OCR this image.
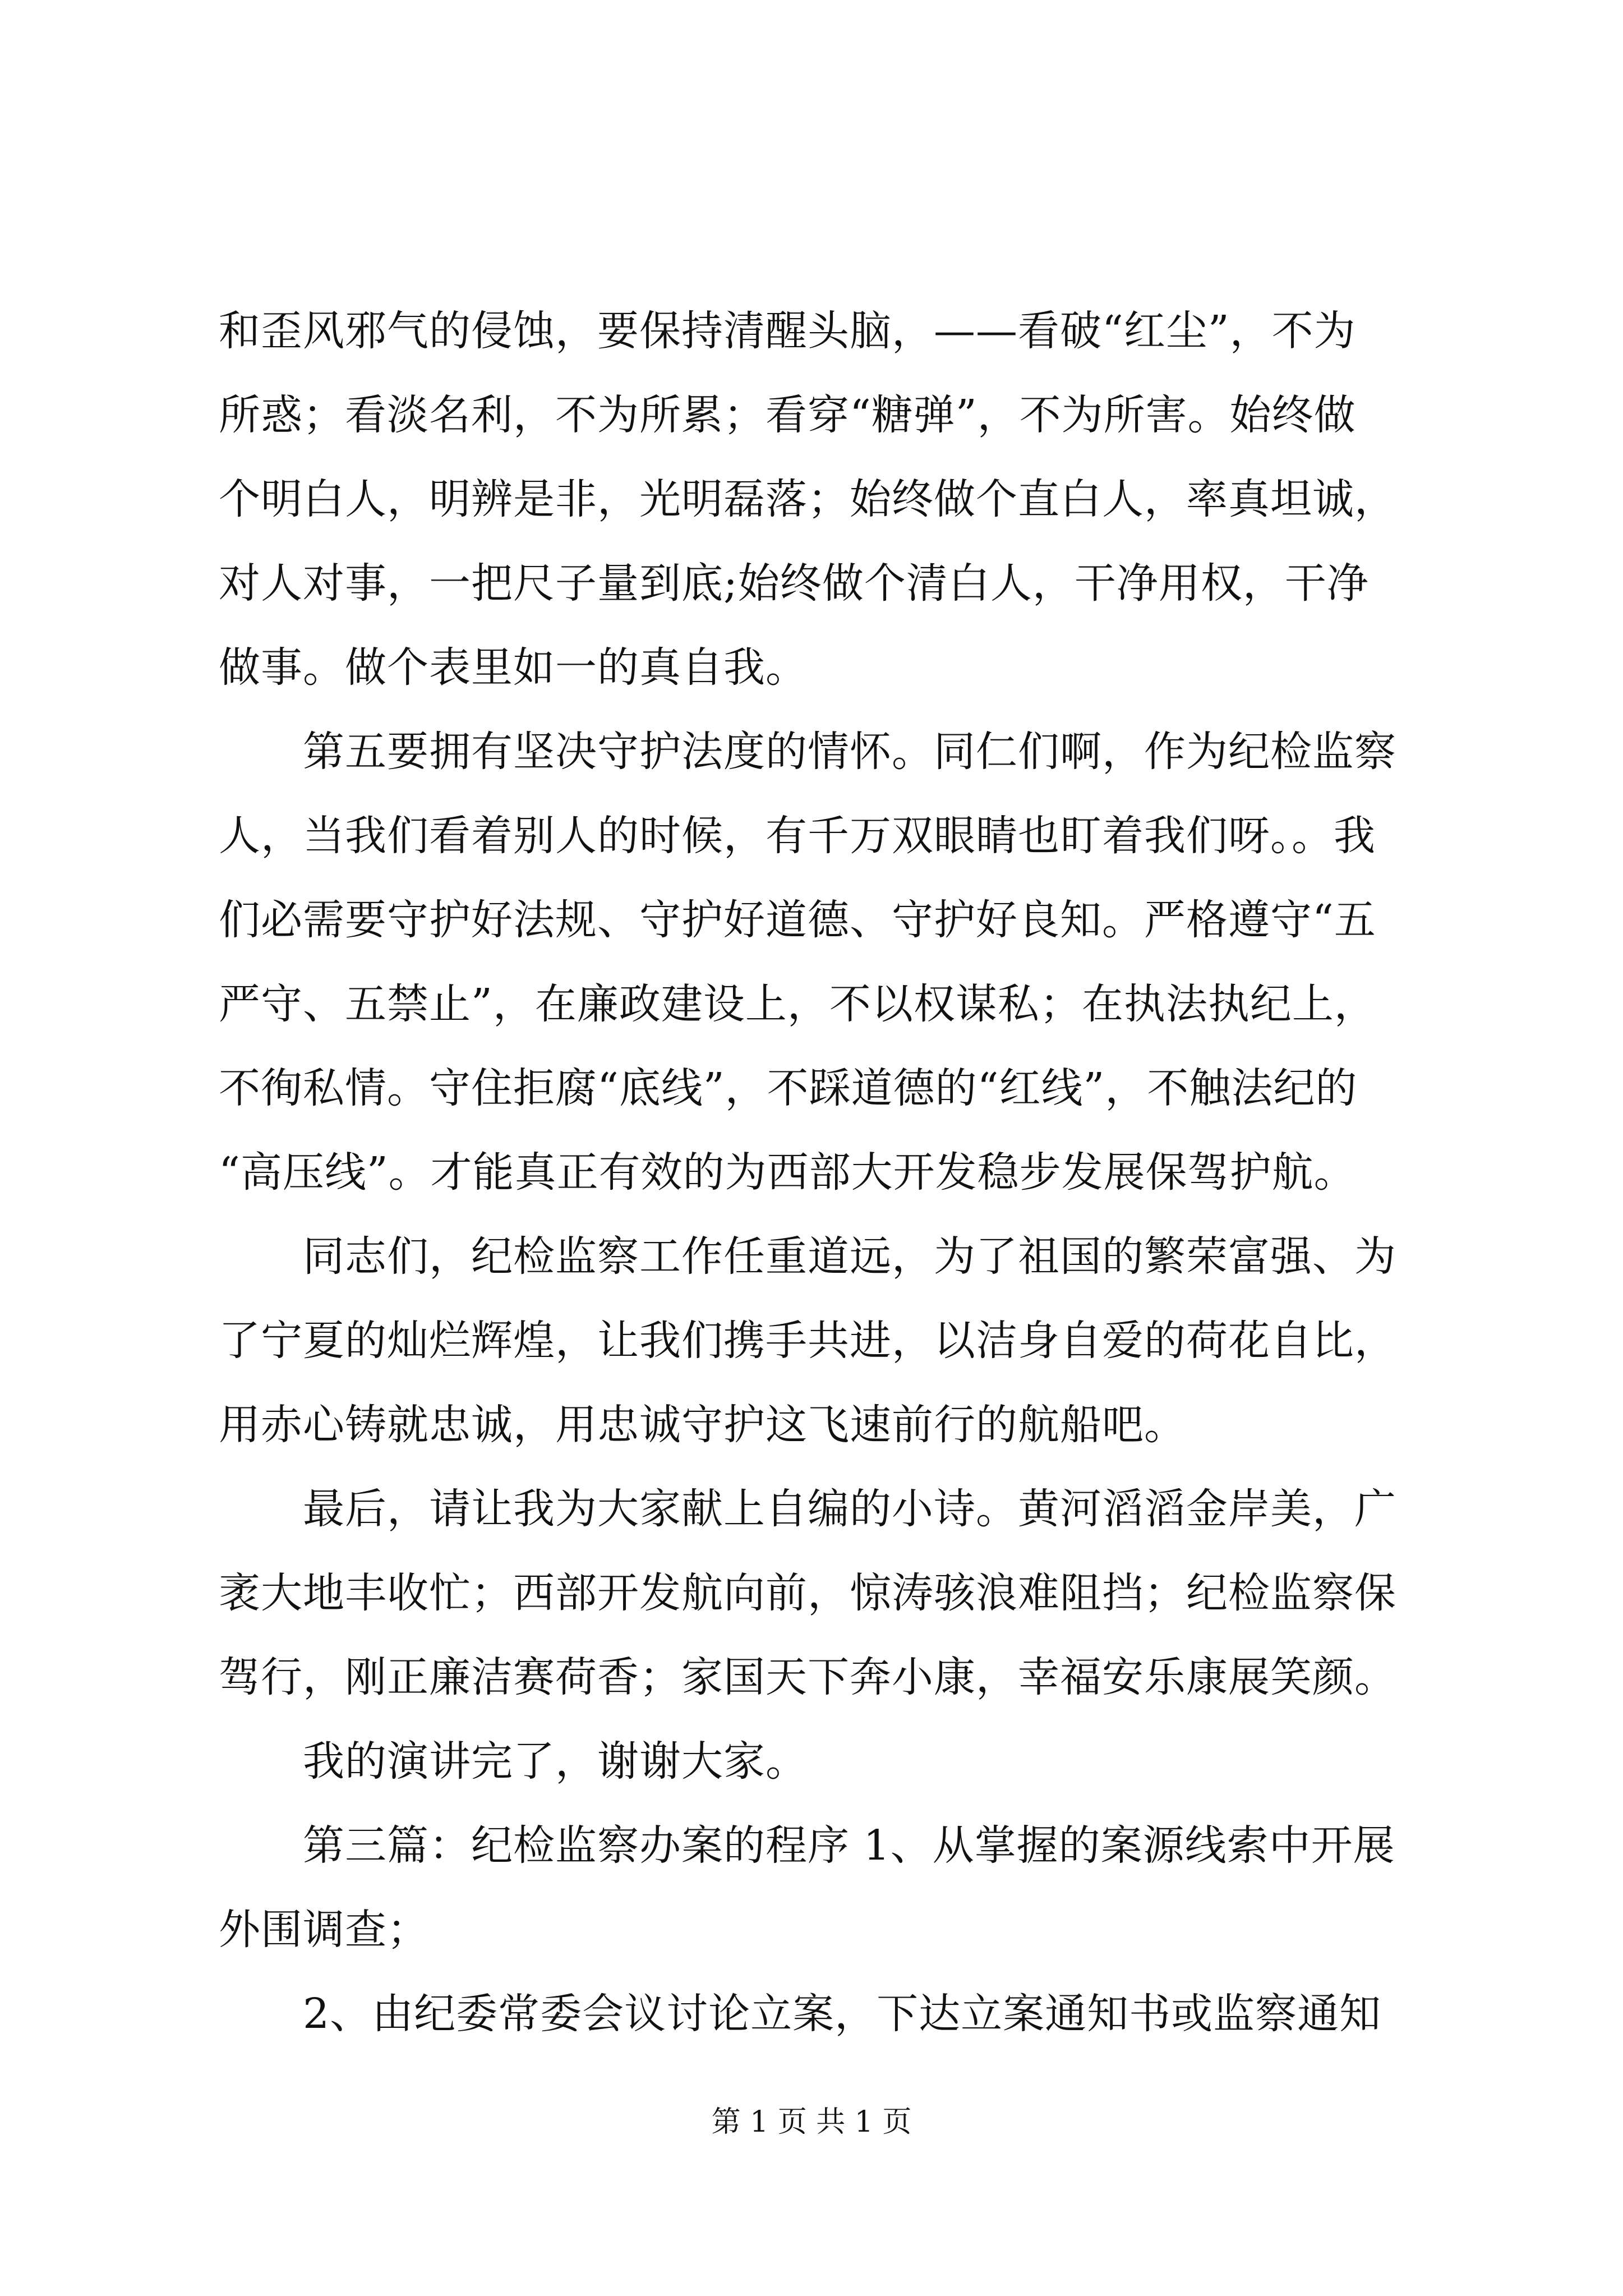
和歪风邪气的侵蚀，要保持清醒头脑，——看破“红尘”，不为
所惑；看淡名利，不为所累；看穿“糖弹”，不为所害。始终做
个明白人，明辨是非，光明磊落；始终做个直白人，率真坦诚，
对人对事，一把尺子量到底;始终做个清白人，干净用权，干净
做事。做个表里如一的真自我。
第五要拥有坚决守护法度的情怀。同仁们啊，作为纪检监察
人，当我们看着别人的时候，有千万双眼睛也盯着我们呀。。我
们必需要守护好法规、守护好道德、守护好良知。严格遵守“五
严守、五禁止”，在廉政建设上，不以权谋私；在执法执纪上，
不徇私情。守住拒腐“底线”，不踩道德的“红线”，不触法纪的
“高压线”。才能真正有效的为西部大开发稳步发展保驾护航。
同志们，纪检监察工作任重道远，为了祖国的繁荣富强、为
了宁夏的灿烂辉煌，让我们携手共进，以洁身自爱的荷花自比，
用赤心铸就忠诚，用忠诚守护这飞速前行的航船吧。
最后，请让我为大家献上自编的小诗。黄河滔滔金岸美，广
袤大地丰收忙；西部开发航向前，惊涛骇浪难阻挡；纪检监察保
驾行，刚正廉洁赛荷香；家国天下奔小康，幸福安乐康展笑颜。
我的演讲完了，谢谢大家。
第三篇：纪检监察办案的程序 1、从掌握的案源线索中开展
外围调查；
2、由纪委常委会议讨论立案，下达立案通知书或监察通知
第 1 页 共 1 页
